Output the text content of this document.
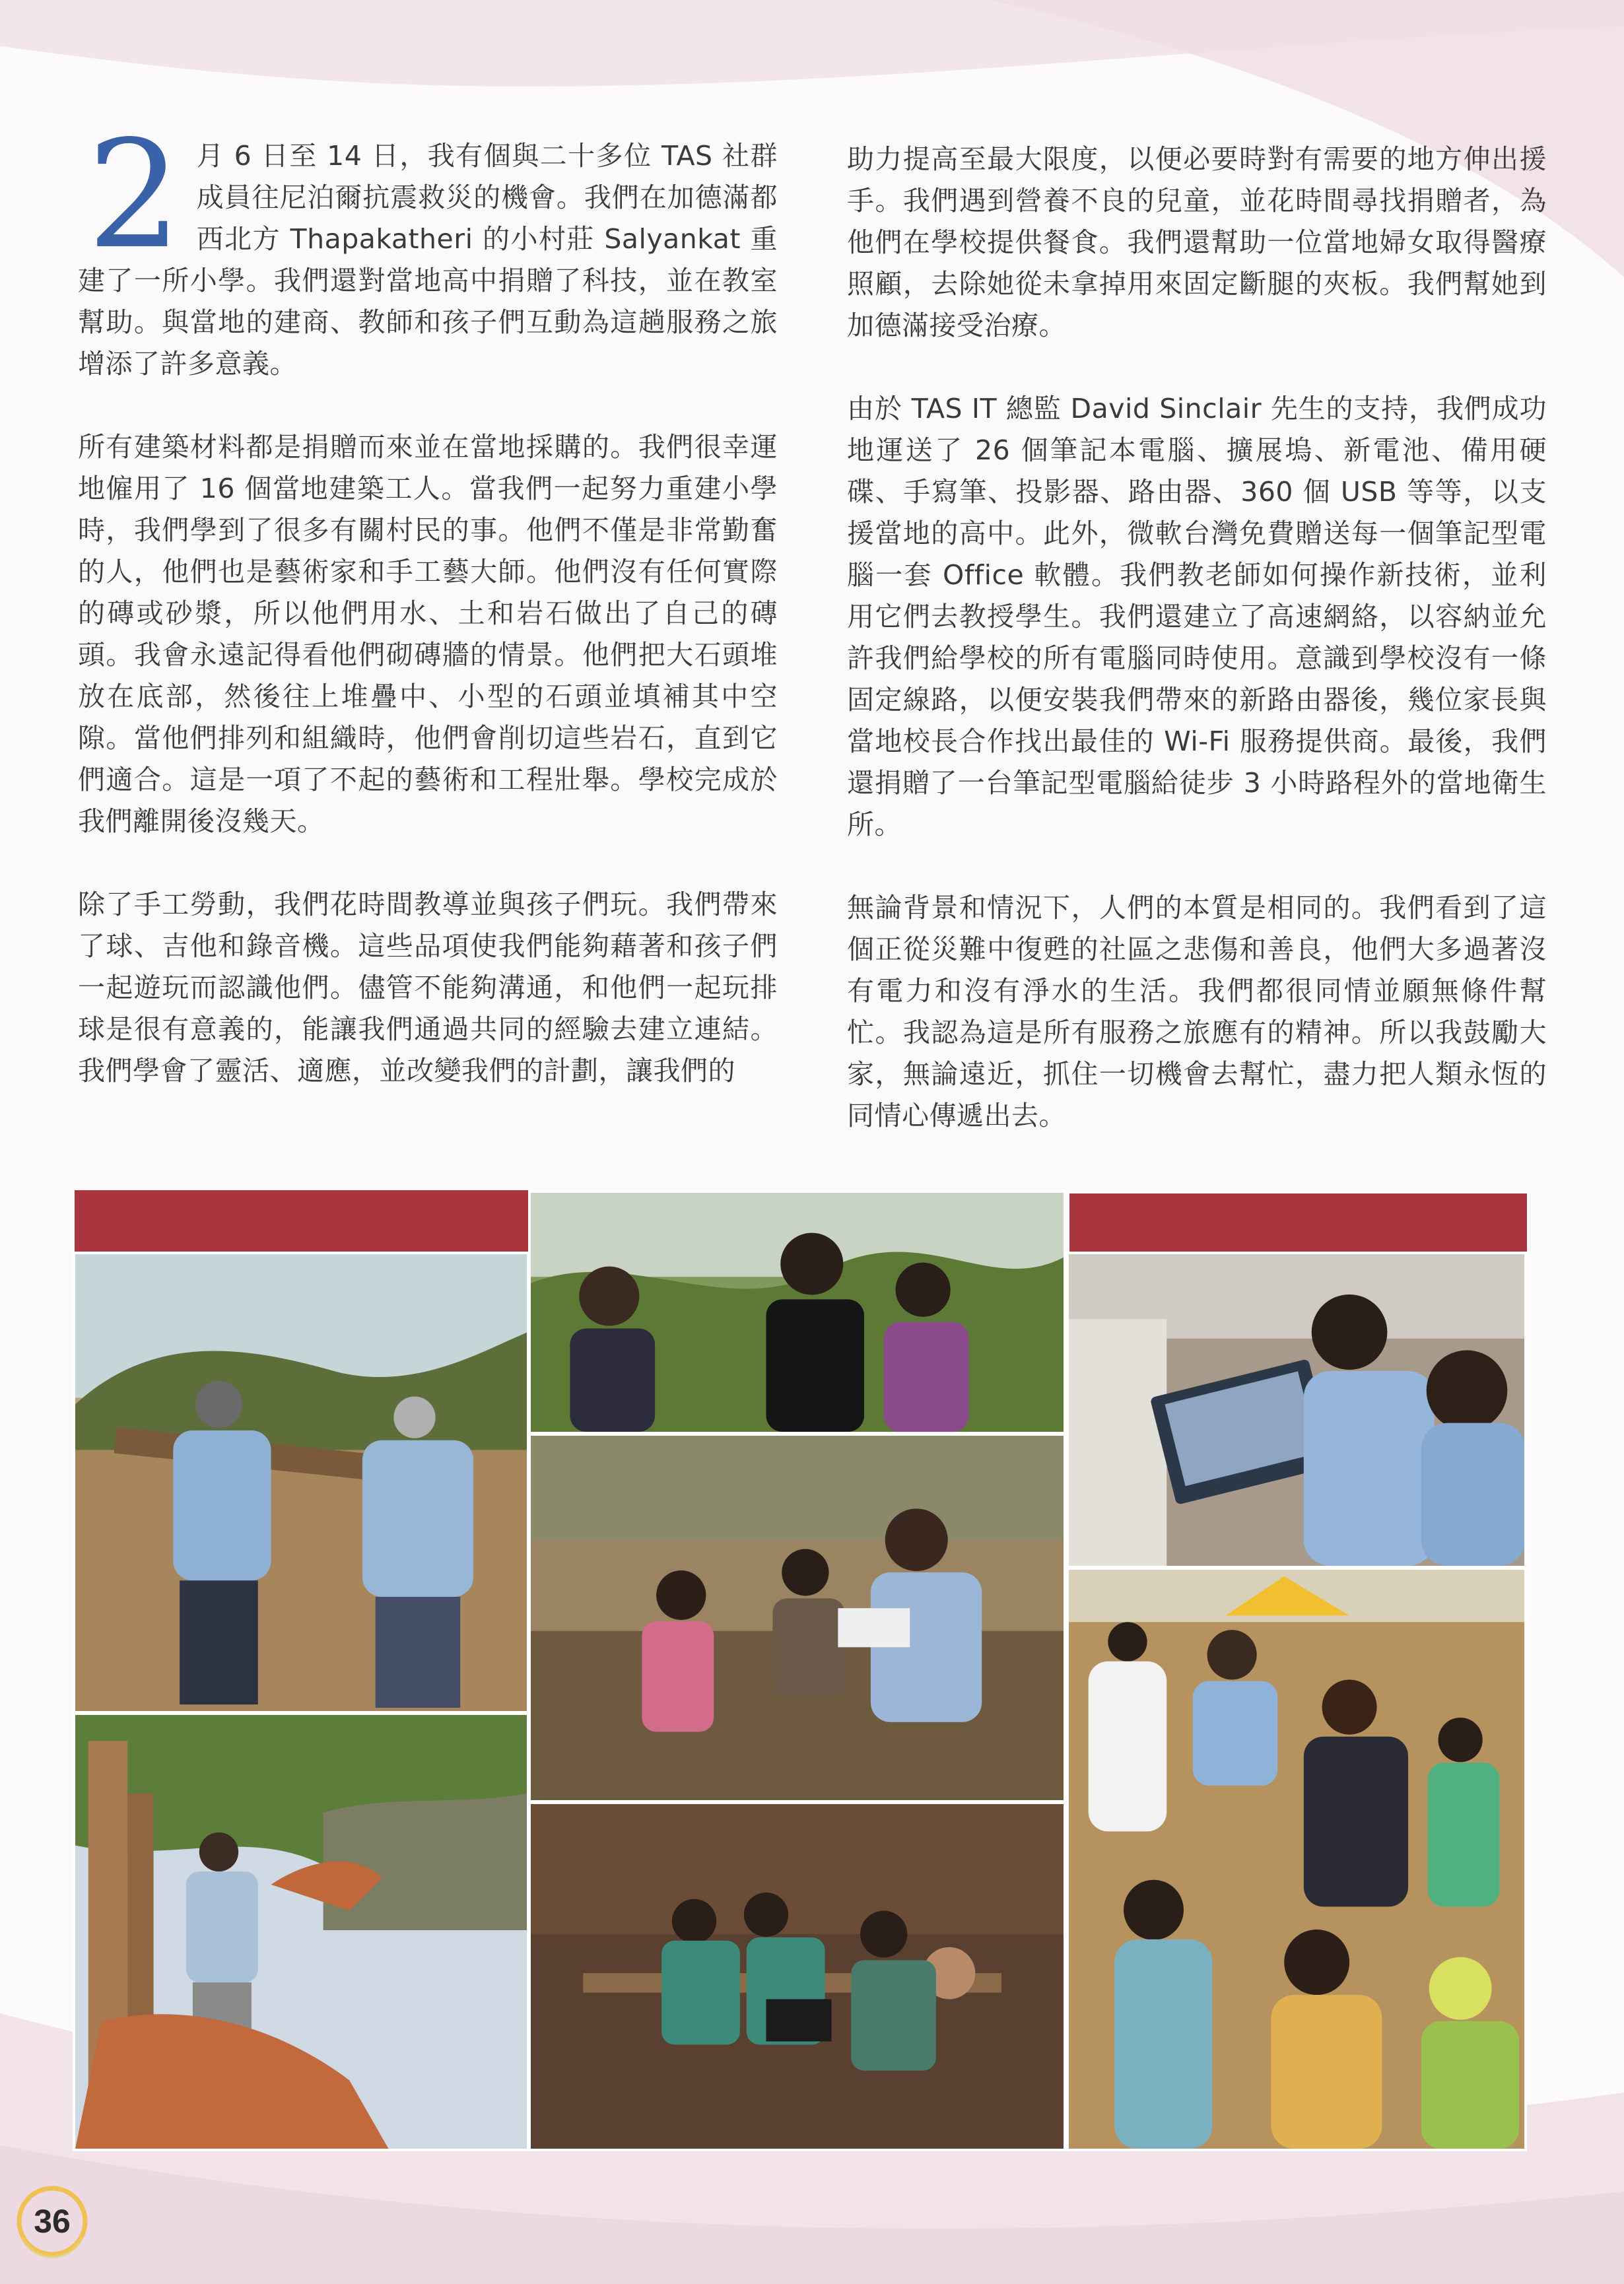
2 月 6 日至 14 日，我有個與二十多位 TAS 社群成員往尼泊爾抗震救災的機會。我們在加德滿都西北方 Thapakatheri 的小村莊 Salyankat 重建了一所小學。我們還對當地高中捐贈了科技，並在教室幫助。與當地的建商、教師和孩子們互動為這趟服務之旅增添了許多意義。

所有建築材料都是捐贈而來並在當地採購的。我們很幸運地僱用了 16 個當地建築工人。當我們一起努力重建小學時，我們學到了很多有關村民的事。他們不僅是非常勤奮的人，他們也是藝術家和手工藝大師。他們沒有任何實際的磚或砂漿，所以他們用水、土和岩石做出了自己的磚頭。我會永遠記得看他們砌磚牆的情景。他們把大石頭堆放在底部，然後往上堆疊中、小型的石頭並填補其中空隙。當他們排列和組織時，他們會削切這些岩石，直到它們適合。這是一項了不起的藝術和工程壯舉。學校完成於我們離開後沒幾天。

除了手工勞動，我們花時間教導並與孩子們玩。我們帶來了球、吉他和錄音機。這些品項使我們能夠藉著和孩子們一起遊玩而認識他們。儘管不能夠溝通，和他們一起玩排球是很有意義的，能讓我們通過共同的經驗去建立連結。我們學會了靈活、適應，並改變我們的計劃，讓我們的

助力提高至最大限度，以便必要時對有需要的地方伸出援手。我們遇到營養不良的兒童，並花時間尋找捐贈者，為他們在學校提供餐食。我們還幫助一位當地婦女取得醫療照顧，去除她從未拿掉用來固定斷腿的夾板。我們幫她到加德滿接受治療。

由於 TAS IT 總監 David Sinclair 先生的支持，我們成功地運送了 26 個筆記本電腦、擴展塢、新電池、備用硬碟、手寫筆、投影器、路由器、360 個 USB 等等，以支援當地的高中。此外，微軟台灣免費贈送每一個筆記型電腦一套 Office 軟體。我們教老師如何操作新技術，並利用它們去教授學生。我們還建立了高速網絡，以容納並允許我們給學校的所有電腦同時使用。意識到學校沒有一條固定線路，以便安裝我們帶來的新路由器後，幾位家長與當地校長合作找出最佳的 Wi-Fi 服務提供商。最後，我們還捐贈了一台筆記型電腦給徒步 3 小時路程外的當地衛生所。

無論背景和情況下，人們的本質是相同的。我們看到了這個正從災難中復甦的社區之悲傷和善良，他們大多過著沒有電力和沒有淨水的生活。我們都很同情並願無條件幫忙。我認為這是所有服務之旅應有的精神。所以我鼓勵大家，無論遠近，抓住一切機會去幫忙，盡力把人類永恆的同情心傳遞出去。

36
